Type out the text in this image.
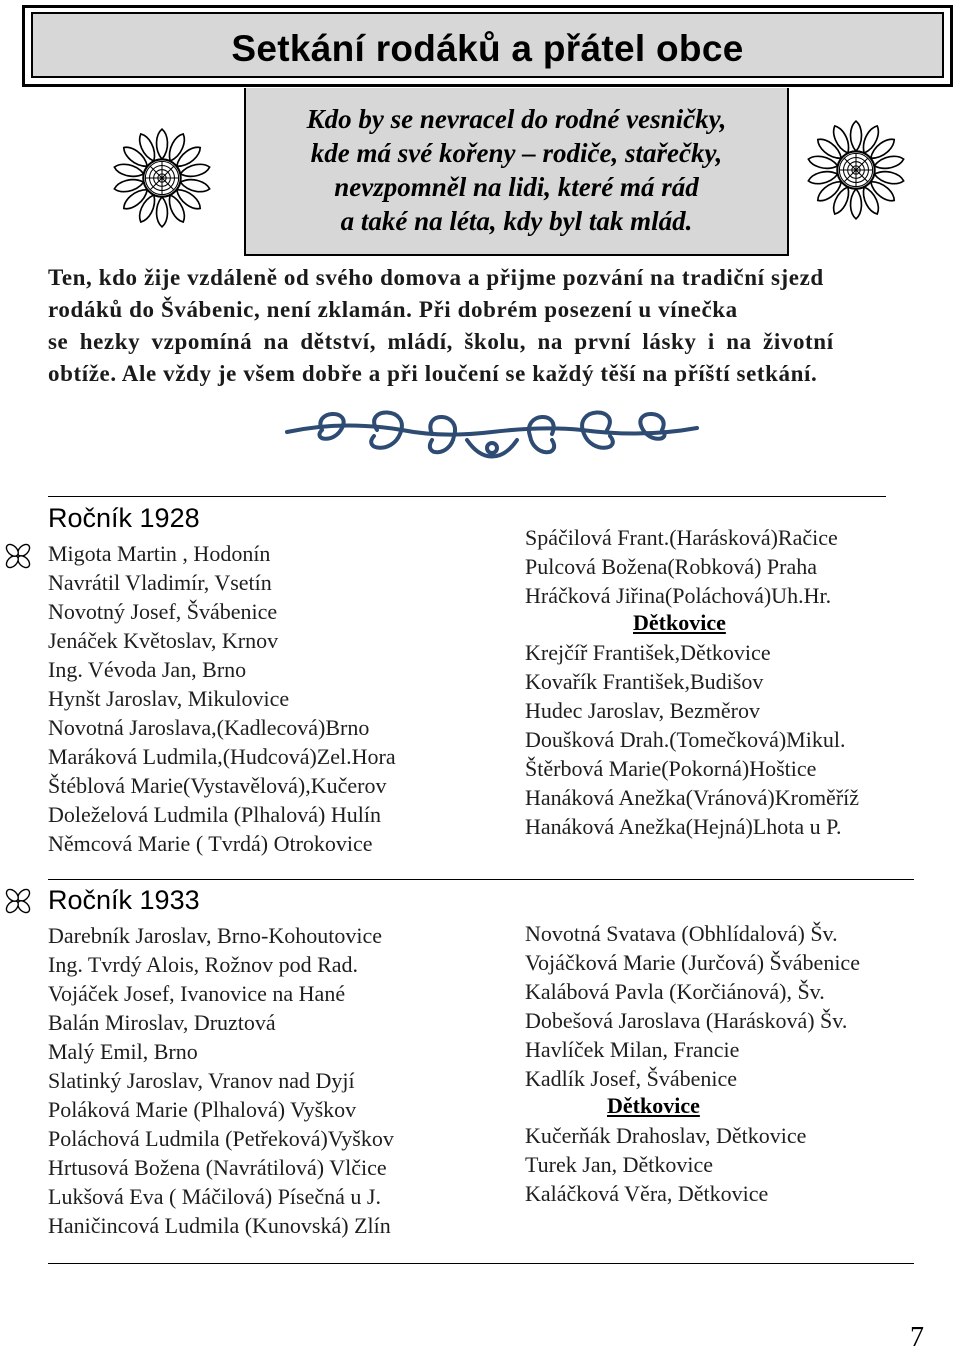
Setkání rodáků a přátel obce
Kdo by se nevracel do rodné vesničky,
kde má své kořeny – rodiče, stařečky,
nevzpomněl na lidi, které má rád
a také na léta, kdy byl tak mlád.
Ten, kdo žije vzdáleně od svého domova a přijme pozvání na tradiční sjezd
rodáků do Švábenic, není zklamán. Při dobrém posezení u vínečka
se hezky vzpomíná na dětství, mládí, školu, na první lásky i na životní
obtíže. Ale vždy je všem dobře a při loučení se každý těší na příští setkání.
Ročník 1928
Migota Martin , Hodonín
Navrátil Vladimír, Vsetín
Novotný Josef, Švábenice
Jenáček Květoslav, Krnov
Ing. Vévoda Jan, Brno
Hynšt Jaroslav, Mikulovice
Novotná Jaroslava,(Kadlecová)Brno
Maráková Ludmila,(Hudcová)Zel.Hora
Štéblová Marie(Vystavělová),Kučerov
Doleželová Ludmila (Plhalová) Hulín
Němcová Marie ( Tvrdá) Otrokovice
Spáčilová Frant.(Harásková)Račice
Pulcová Božena(Robková) Praha
Hráčková Jiřina(Poláchová)Uh.Hr.
Dětkovice
Krejčíř František,Dětkovice
Kovařík František,Budišov
Hudec Jaroslav, Bezměrov
Doušková Drah.(Tomečková)Mikul.
Štěrbová Marie(Pokorná)Hoštice
Hanáková Anežka(Vránová)Kroměříž
Hanáková Anežka(Hejná)Lhota u P.
Ročník 1933
Darebník Jaroslav, Brno-Kohoutovice
Ing. Tvrdý Alois, Rožnov pod Rad.
Vojáček Josef, Ivanovice na Hané
Balán Miroslav, Druztová
Malý Emil, Brno
Slatinký Jaroslav, Vranov nad Dyjí
Poláková Marie (Plhalová) Vyškov
Poláchová Ludmila (Petřeková)Vyškov
Hrtusová Božena (Navrátilová) Vlčice
Lukšová Eva ( Máčilová) Písečná u J.
Haničincová Ludmila (Kunovská) Zlín
Novotná Svatava (Obhlídalová) Šv.
Vojáčková Marie (Jurčová) Švábenice
Kalábová Pavla (Korčiánová), Šv.
Dobešová Jaroslava (Harásková) Šv.
Havlíček Milan, Francie
Kadlík Josef, Švábenice
Dětkovice
Kučerňák Drahoslav, Dětkovice
Turek Jan, Dětkovice
Kaláčková Věra, Dětkovice
7
